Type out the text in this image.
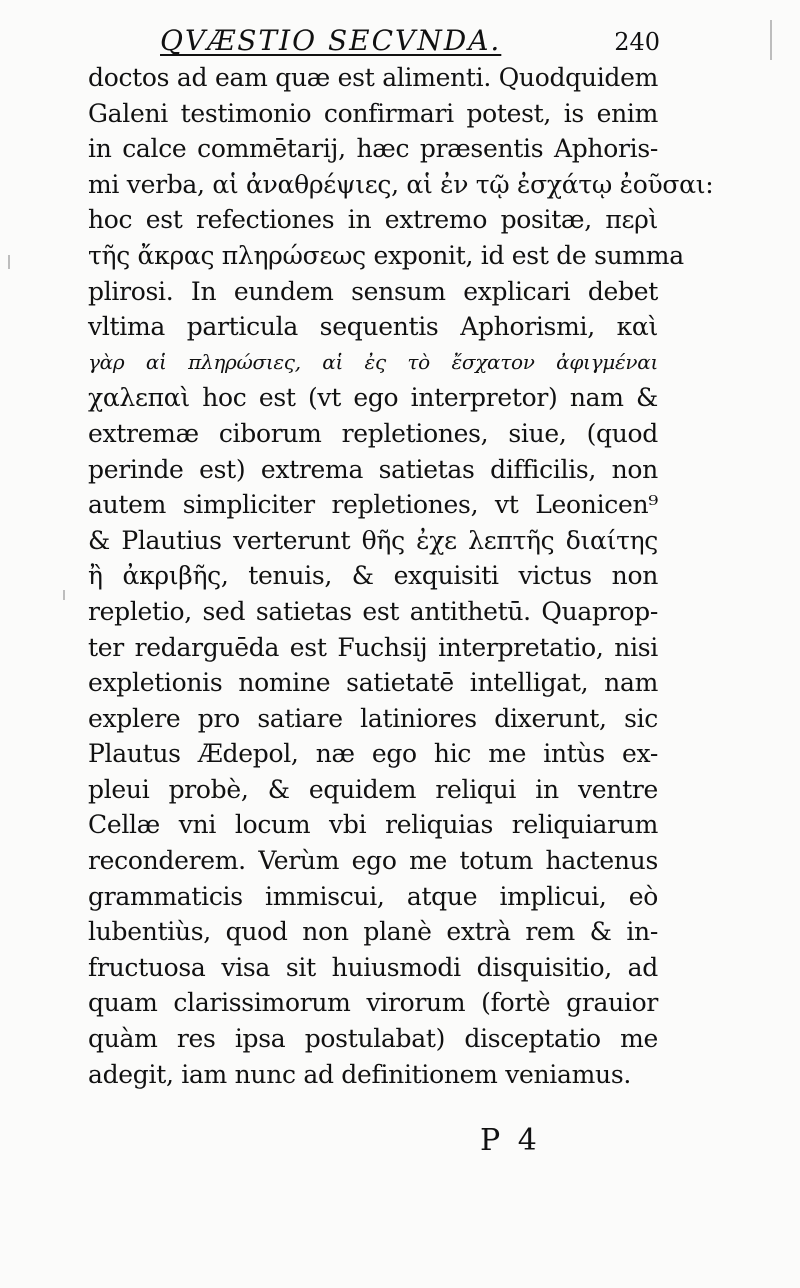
QVÆSTIO SECVNDA.	240
doctos ad eam quæ est alimenti. Quodquidem
Galeni testimonio confirmari potest, is enim
in calce commētarij, hæc præsentis Aphoris-
mi verba, αἱ ἀναθρέψιες, αἱ ἐν τῷ ἐσχάτῳ ἐοῦσαι:
hoc est refectiones in extremo positæ, περὶ
τῆς ἄκρας πληρώσεως exponit, id est de summa
plirosi. In eundem sensum explicari debet
vltima particula sequentis Aphorismi, καὶ
γὰρ αἱ πληρώσιες, αἱ ἐς τὸ ἔσχατον ἀφιγμέναι
χαλεπαὶ hoc est (vt ego interpretor) nam &
extremæ ciborum repletiones, siue, (quod
perinde est) extrema satietas difficilis, non
autem simpliciter repletiones, vt Leonicen⁹
& Plautius verterunt θῆς ἐχε λεπτῆς διαίτης
ἢ ἀκριβῆς, tenuis, & exquisiti victus non
repletio, sed satietas est antithetū. Quaprop-
ter redarguēda est Fuchsij interpretatio, nisi
expletionis nomine satietatē intelligat, nam
explere pro satiare latiniores dixerunt, sic
Plautus Ædepol, næ ego hic me intùs ex-
pleui probè, & equidem reliqui in ventre
Cellæ vni locum vbi reliquias reliquiarum
reconderem. Verùm ego me totum hactenus
grammaticis immiscui, atque implicui, eò
lubentiùs, quod non planè extrà rem & in-
fructuosa visa sit huiusmodi disquisitio, ad
quam clarissimorum virorum (fortè grauior
quàm res ipsa postulabat) disceptatio me
adegit, iam nunc ad definitionem veniamus.
P 4
